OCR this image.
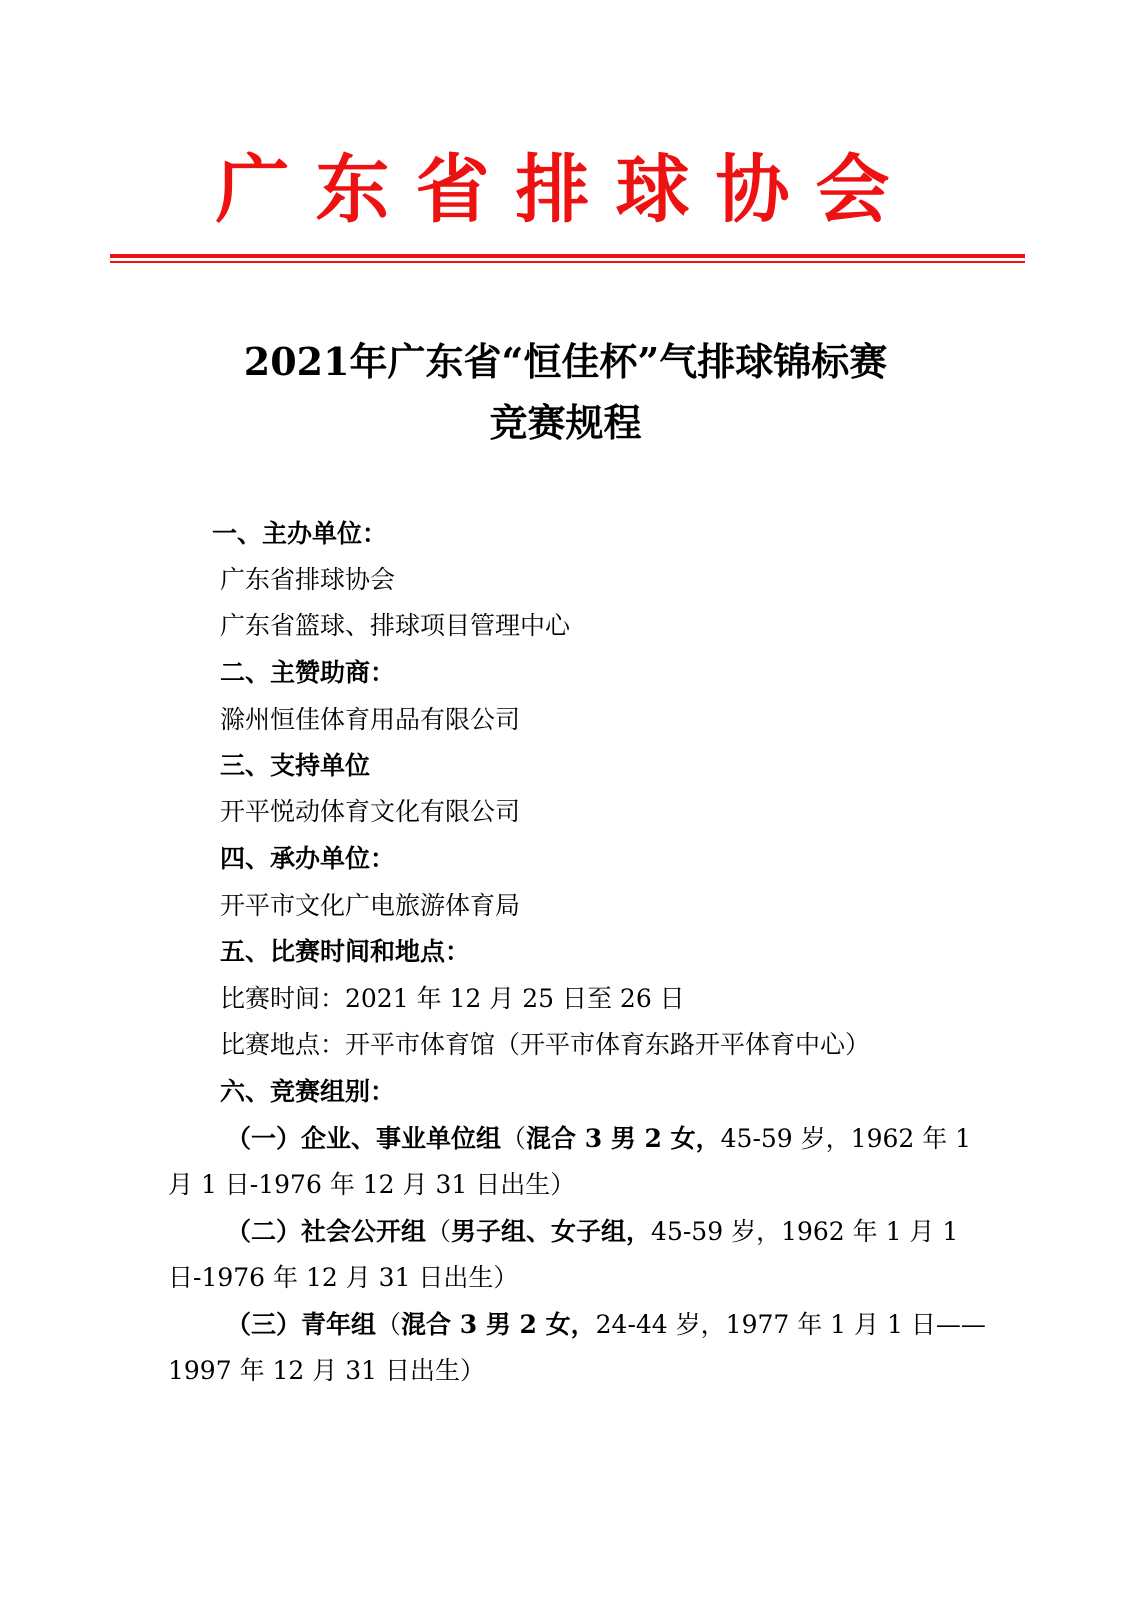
广东省排球协会
2021年广东省“恒佳杯”气排球锦标赛
竞赛规程
一、主办单位：
广东省排球协会
广东省篮球、排球项目管理中心
二、主赞助商：
滁州恒佳体育用品有限公司
三、支持单位
开平悦动体育文化有限公司
四、承办单位：
开平市文化广电旅游体育局
五、比赛时间和地点：
比赛时间：2021 年 12 月 25 日至 26 日
比赛地点：开平市体育馆（开平市体育东路开平体育中心）
六、竞赛组别：
（一）企业、事业单位组（混合 3 男 2 女，45-59 岁，1962 年 1
月 1 日-1976 年 12 月 31 日出生）
（二）社会公开组（男子组、女子组，45-59 岁，1962 年 1 月 1
日-1976 年 12 月 31 日出生）
（三）青年组（混合 3 男 2 女，24-44 岁，1977 年 1 月 1 日——
1997 年 12 月 31 日出生）
